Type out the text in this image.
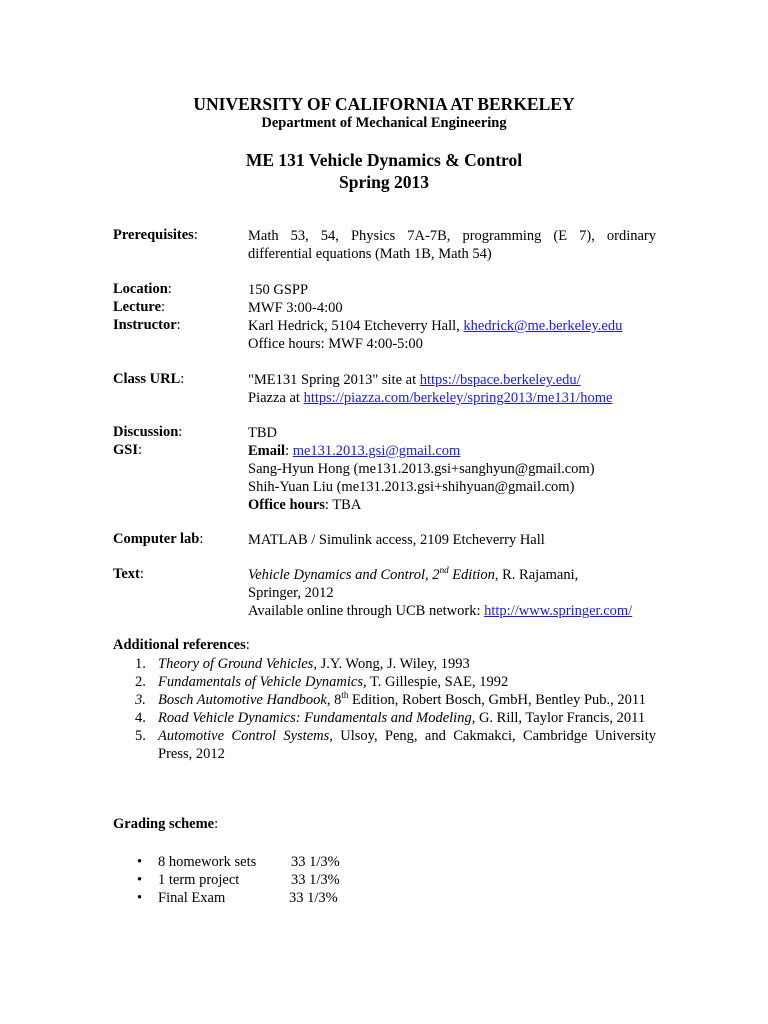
UNIVERSITY OF CALIFORNIA AT BERKELEY
Department of Mechanical Engineering
ME 131 Vehicle Dynamics & Control
Spring 2013
Prerequisites:	Math 53, 54, Physics 7A-7B, programming (E 7), ordinary differential equations (Math 1B, Math 54)
Location:	150 GSPP
Lecture:	MWF 3:00-4:00
Instructor:	Karl Hedrick, 5104 Etcheverry Hall, khedrick@me.berkeley.edu
Office hours: MWF 4:00-5:00
Class URL:	"ME131 Spring 2013" site at https://bspace.berkeley.edu/
Piazza at https://piazza.com/berkeley/spring2013/me131/home
Discussion:	TBD
GSI:	Email: me131.2013.gsi@gmail.com
Sang-Hyun Hong (me131.2013.gsi+sanghyun@gmail.com)
Shih-Yuan Liu (me131.2013.gsi+shihyuan@gmail.com)
Office hours: TBA
Computer lab:	MATLAB / Simulink access, 2109 Etcheverry Hall
Text:	Vehicle Dynamics and Control, 2nd Edition, R. Rajamani,
Springer, 2012
Available online through UCB network: http://www.springer.com/
Additional references:
1. Theory of Ground Vehicles, J.Y. Wong, J. Wiley, 1993
2. Fundamentals of Vehicle Dynamics, T. Gillespie, SAE, 1992
3. Bosch Automotive Handbook, 8th Edition, Robert Bosch, GmbH, Bentley Pub., 2011
4. Road Vehicle Dynamics: Fundamentals and Modeling, G. Rill, Taylor Francis, 2011
5. Automotive Control Systems, Ulsoy, Peng, and Cakmakci, Cambridge University Press, 2012
Grading scheme:
• 8 homework sets 33 1/3%
• 1 term project	33 1/3%
• Final Exam	33 1/3%
